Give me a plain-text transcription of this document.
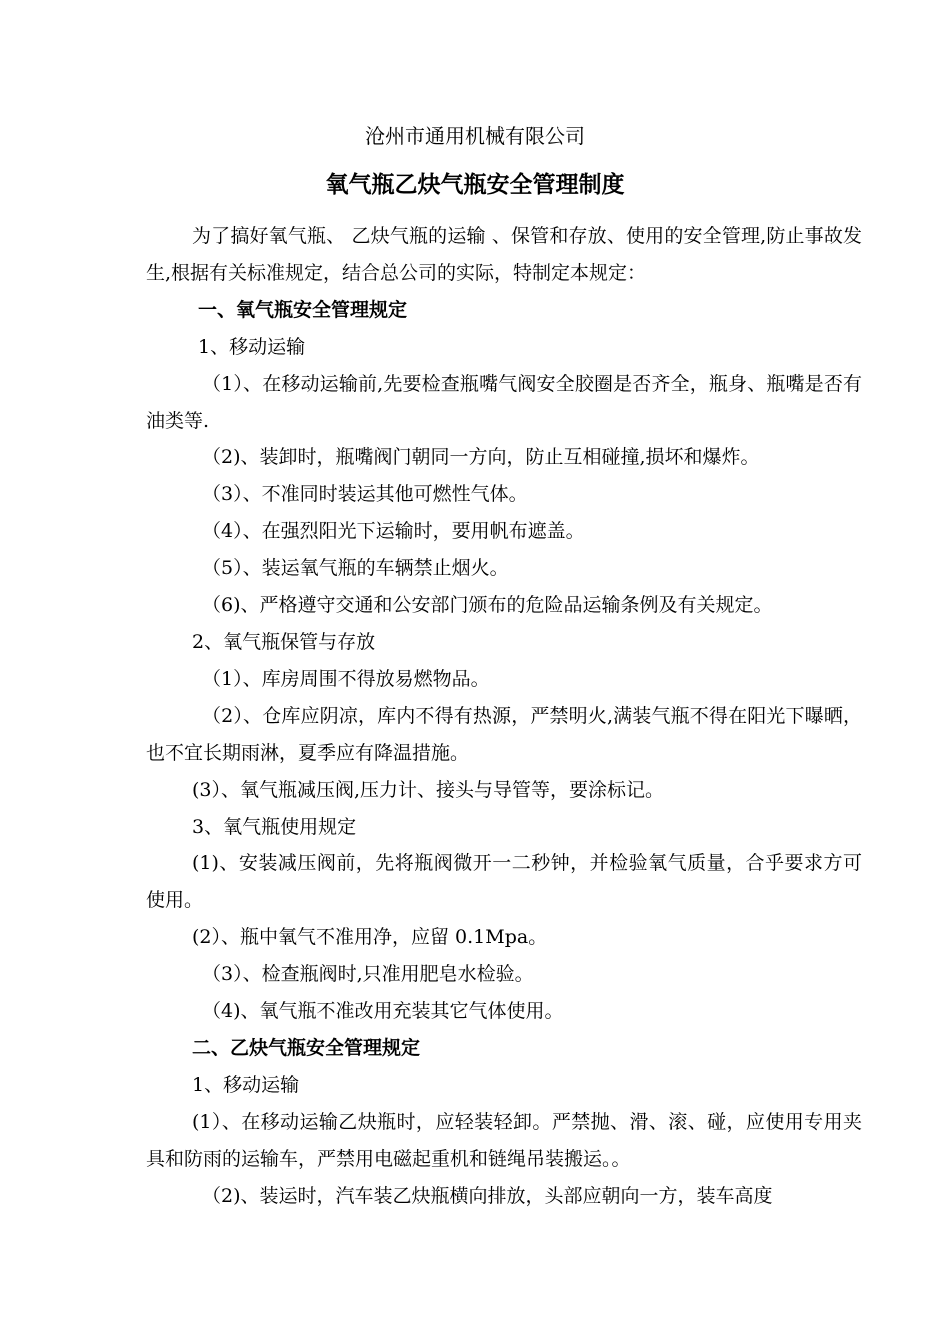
沧州市通用机械有限公司
氧气瓶乙炔气瓶安全管理制度

为了搞好氧气瓶、 乙炔气瓶的运输 、保管和存放、使用的安全管理,防止事故发生,根据有关标准规定，结合总公司的实际，特制定本规定：

一、氧气瓶安全管理规定

1、移动运输

（1）、在移动运输前,先要检查瓶嘴气阀安全胶圈是否齐全，瓶身、瓶嘴是否有油类等.

（2)、装卸时，瓶嘴阀门朝同一方向，防止互相碰撞,损坏和爆炸。

（3）、不准同时装运其他可燃性气体。

（4）、在强烈阳光下运输时，要用帆布遮盖。

（5）、装运氧气瓶的车辆禁止烟火。

（6)、严格遵守交通和公安部门颁布的危险品运输条例及有关规定。

2、氧气瓶保管与存放

（1）、库房周围不得放易燃物品。

（2）、仓库应阴凉，库内不得有热源，严禁明火,满装气瓶不得在阳光下曝晒，也不宜长期雨淋，夏季应有降温措施。

(3）、氧气瓶减压阀,压力计、接头与导管等，要涂标记。

3、氧气瓶使用规定

(1)、安装减压阀前，先将瓶阀微开一二秒钟，并检验氧气质量，合乎要求方可使用。

(2）、瓶中氧气不准用净，应留 0.1Mpa。

（3）、检查瓶阀时,只准用肥皂水检验。

（4)、氧气瓶不准改用充装其它气体使用。

二、乙炔气瓶安全管理规定

1、移动运输

(1）、在移动运输乙炔瓶时，应轻装轻卸。严禁抛、滑、滚、碰，应使用专用夹具和防雨的运输车，严禁用电磁起重机和链绳吊装搬运。。

（2)、装运时，汽车装乙炔瓶横向排放，头部应朝向一方，装车高度
